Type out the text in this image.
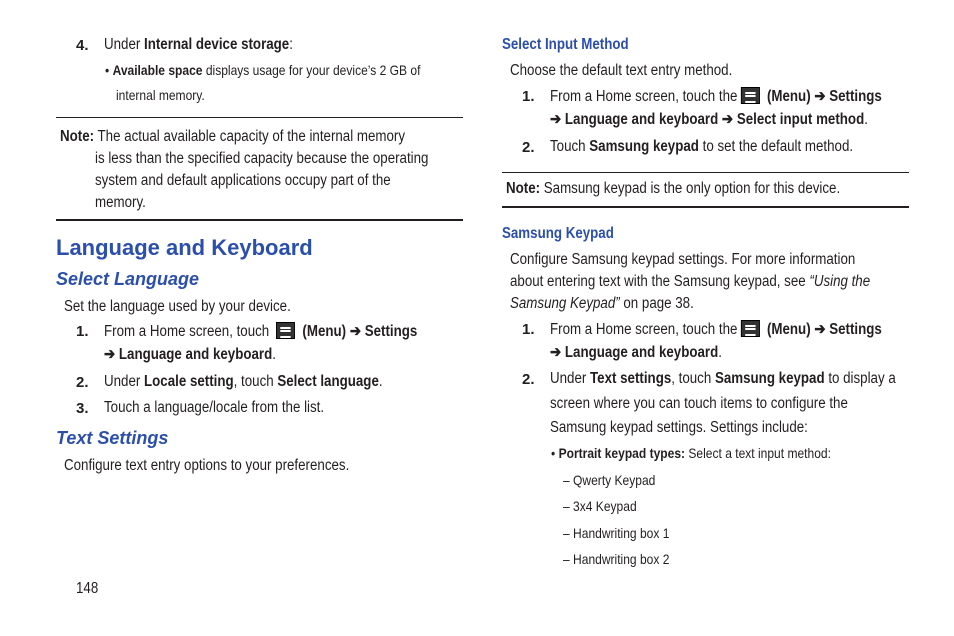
4. Under Internal device storage:
• Available space displays usage for your device’s 2 GB of
internal memory.
Note: The actual available capacity of the internal memory
is less than the specified capacity because the operating
system and default applications occupy part of the
memory.
Language and Keyboard
Select Language
Set the language used by your device.
1. From a Home screen, touch (Menu) ➔ Settings
➔ Language and keyboard.
2. Under Locale setting, touch Select language.
3. Touch a language/locale from the list.
Text Settings
Configure text entry options to your preferences.
148
Select Input Method
Choose the default text entry method.
1. From a Home screen, touch the (Menu) ➔ Settings
➔ Language and keyboard ➔ Select input method.
2. Touch Samsung keypad to set the default method.
Note: Samsung keypad is the only option for this device.
Samsung Keypad
Configure Samsung keypad settings. For more information
about entering text with the Samsung keypad, see “Using the
Samsung Keypad” on page 38.
1. From a Home screen, touch the (Menu) ➔ Settings
➔ Language and keyboard.
2. Under Text settings, touch Samsung keypad to display a
screen where you can touch items to configure the
Samsung keypad settings. Settings include:
• Portrait keypad types: Select a text input method:
– Qwerty Keypad
– 3x4 Keypad
– Handwriting box 1
– Handwriting box 2
